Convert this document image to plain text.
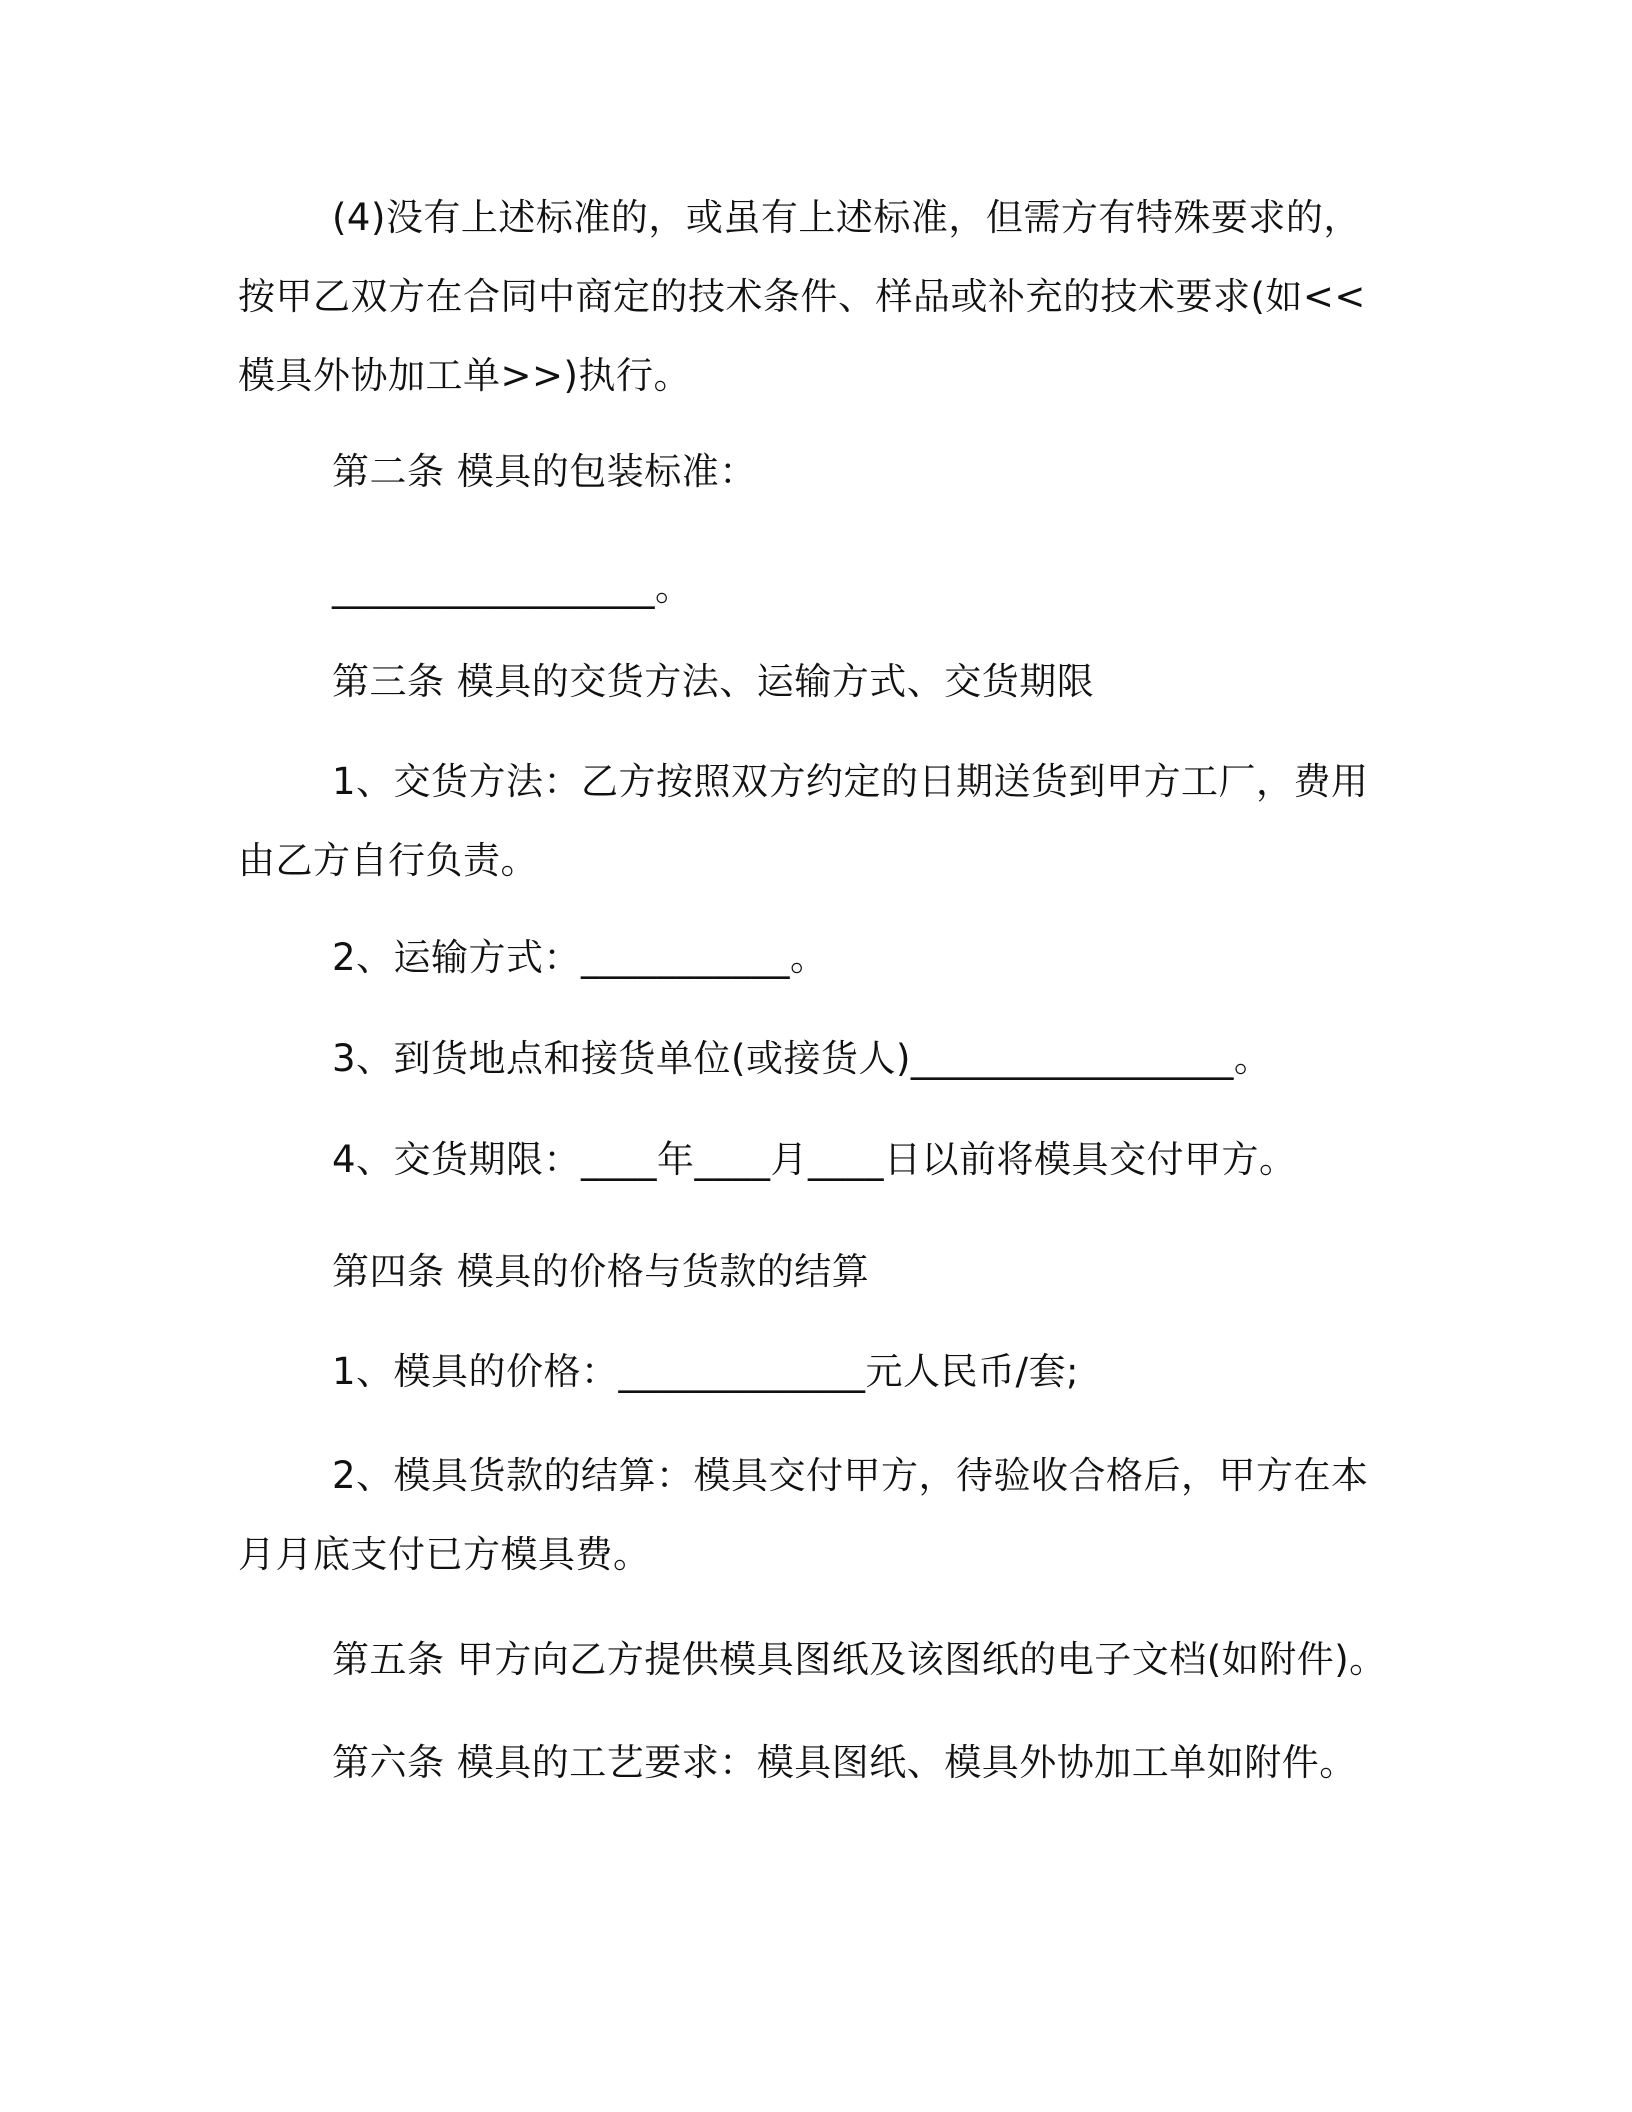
(4)没有上述标准的，或虽有上述标准，但需方有特殊要求的，按甲乙双方在合同中商定的技术条件、样品或补充的技术要求(如<<模具外协加工单>>)执行。

第二条 模具的包装标准：

_________________。

第三条 模具的交货方法、运输方式、交货期限

1、交货方法：乙方按照双方约定的日期送货到甲方工厂，费用由乙方自行负责。

2、运输方式：___________。

3、到货地点和接货单位(或接货人)_________________。

4、交货期限：____年____月____日以前将模具交付甲方。

第四条 模具的价格与货款的结算

1、模具的价格：_____________元人民币/套;

2、模具货款的结算：模具交付甲方，待验收合格后，甲方在本月月底支付已方模具费。

第五条 甲方向乙方提供模具图纸及该图纸的电子文档(如附件)。

第六条 模具的工艺要求：模具图纸、模具外协加工单如附件。
